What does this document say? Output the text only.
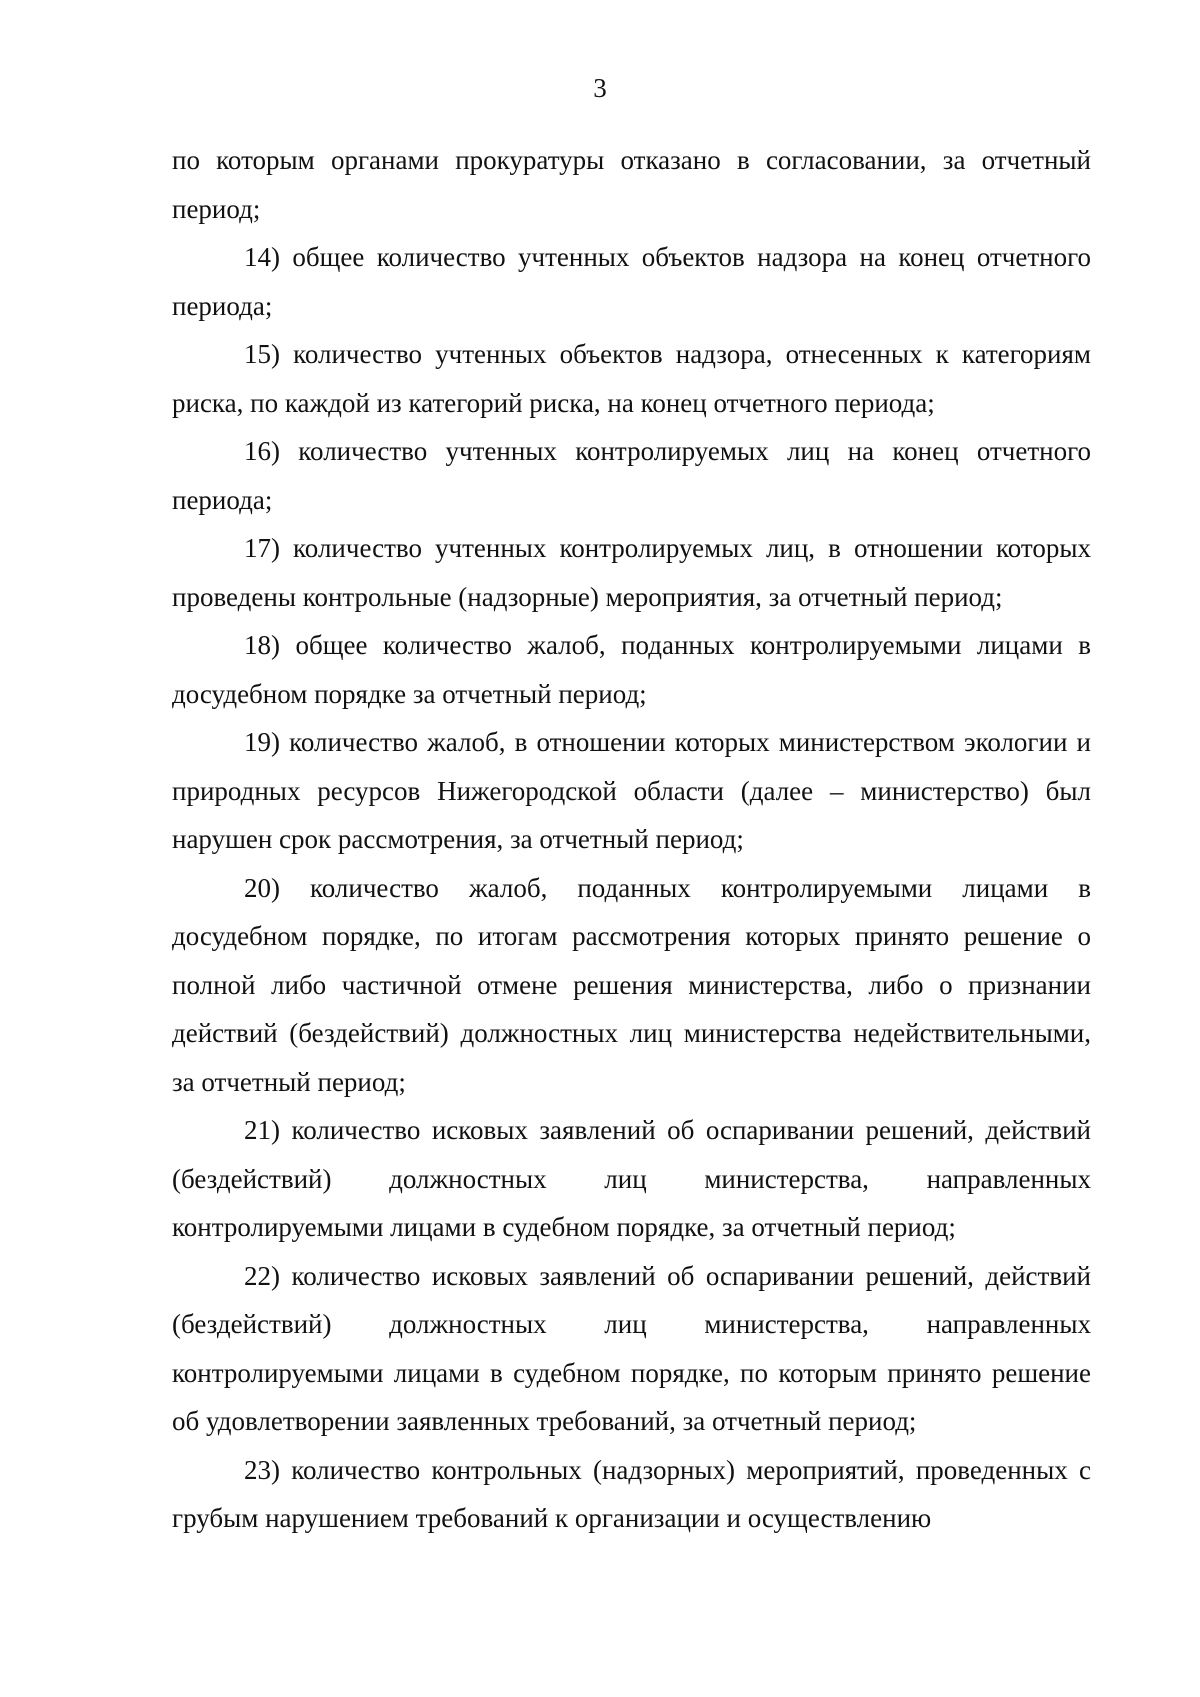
3

по которым органами прокуратуры отказано в согласовании, за отчетный период;

14) общее количество учтенных объектов надзора на конец отчетного периода;

15) количество учтенных объектов надзора, отнесенных к категориям риска, по каждой из категорий риска, на конец отчетного периода;

16) количество учтенных контролируемых лиц на конец отчетного периода;

17) количество учтенных контролируемых лиц, в отношении которых проведены контрольные (надзорные) мероприятия, за отчетный период;

18) общее количество жалоб, поданных контролируемыми лицами в досудебном порядке за отчетный период;

19) количество жалоб, в отношении которых министерством экологии и природных ресурсов Нижегородской области (далее – министерство) был нарушен срок рассмотрения, за отчетный период;

20) количество жалоб, поданных контролируемыми лицами в досудебном порядке, по итогам рассмотрения которых принято решение о полной либо частичной отмене решения министерства, либо о признании действий (бездействий) должностных лиц министерства недействительными, за отчетный период;

21) количество исковых заявлений об оспаривании решений, действий (бездействий) должностных лиц министерства, направленных контролируемыми лицами в судебном порядке, за отчетный период;

22) количество исковых заявлений об оспаривании решений, действий (бездействий) должностных лиц министерства, направленных контролируемыми лицами в судебном порядке, по которым принято решение об удовлетворении заявленных требований, за отчетный период;

23) количество контрольных (надзорных) мероприятий, проведенных с грубым нарушением требований к организации и осуществлению
